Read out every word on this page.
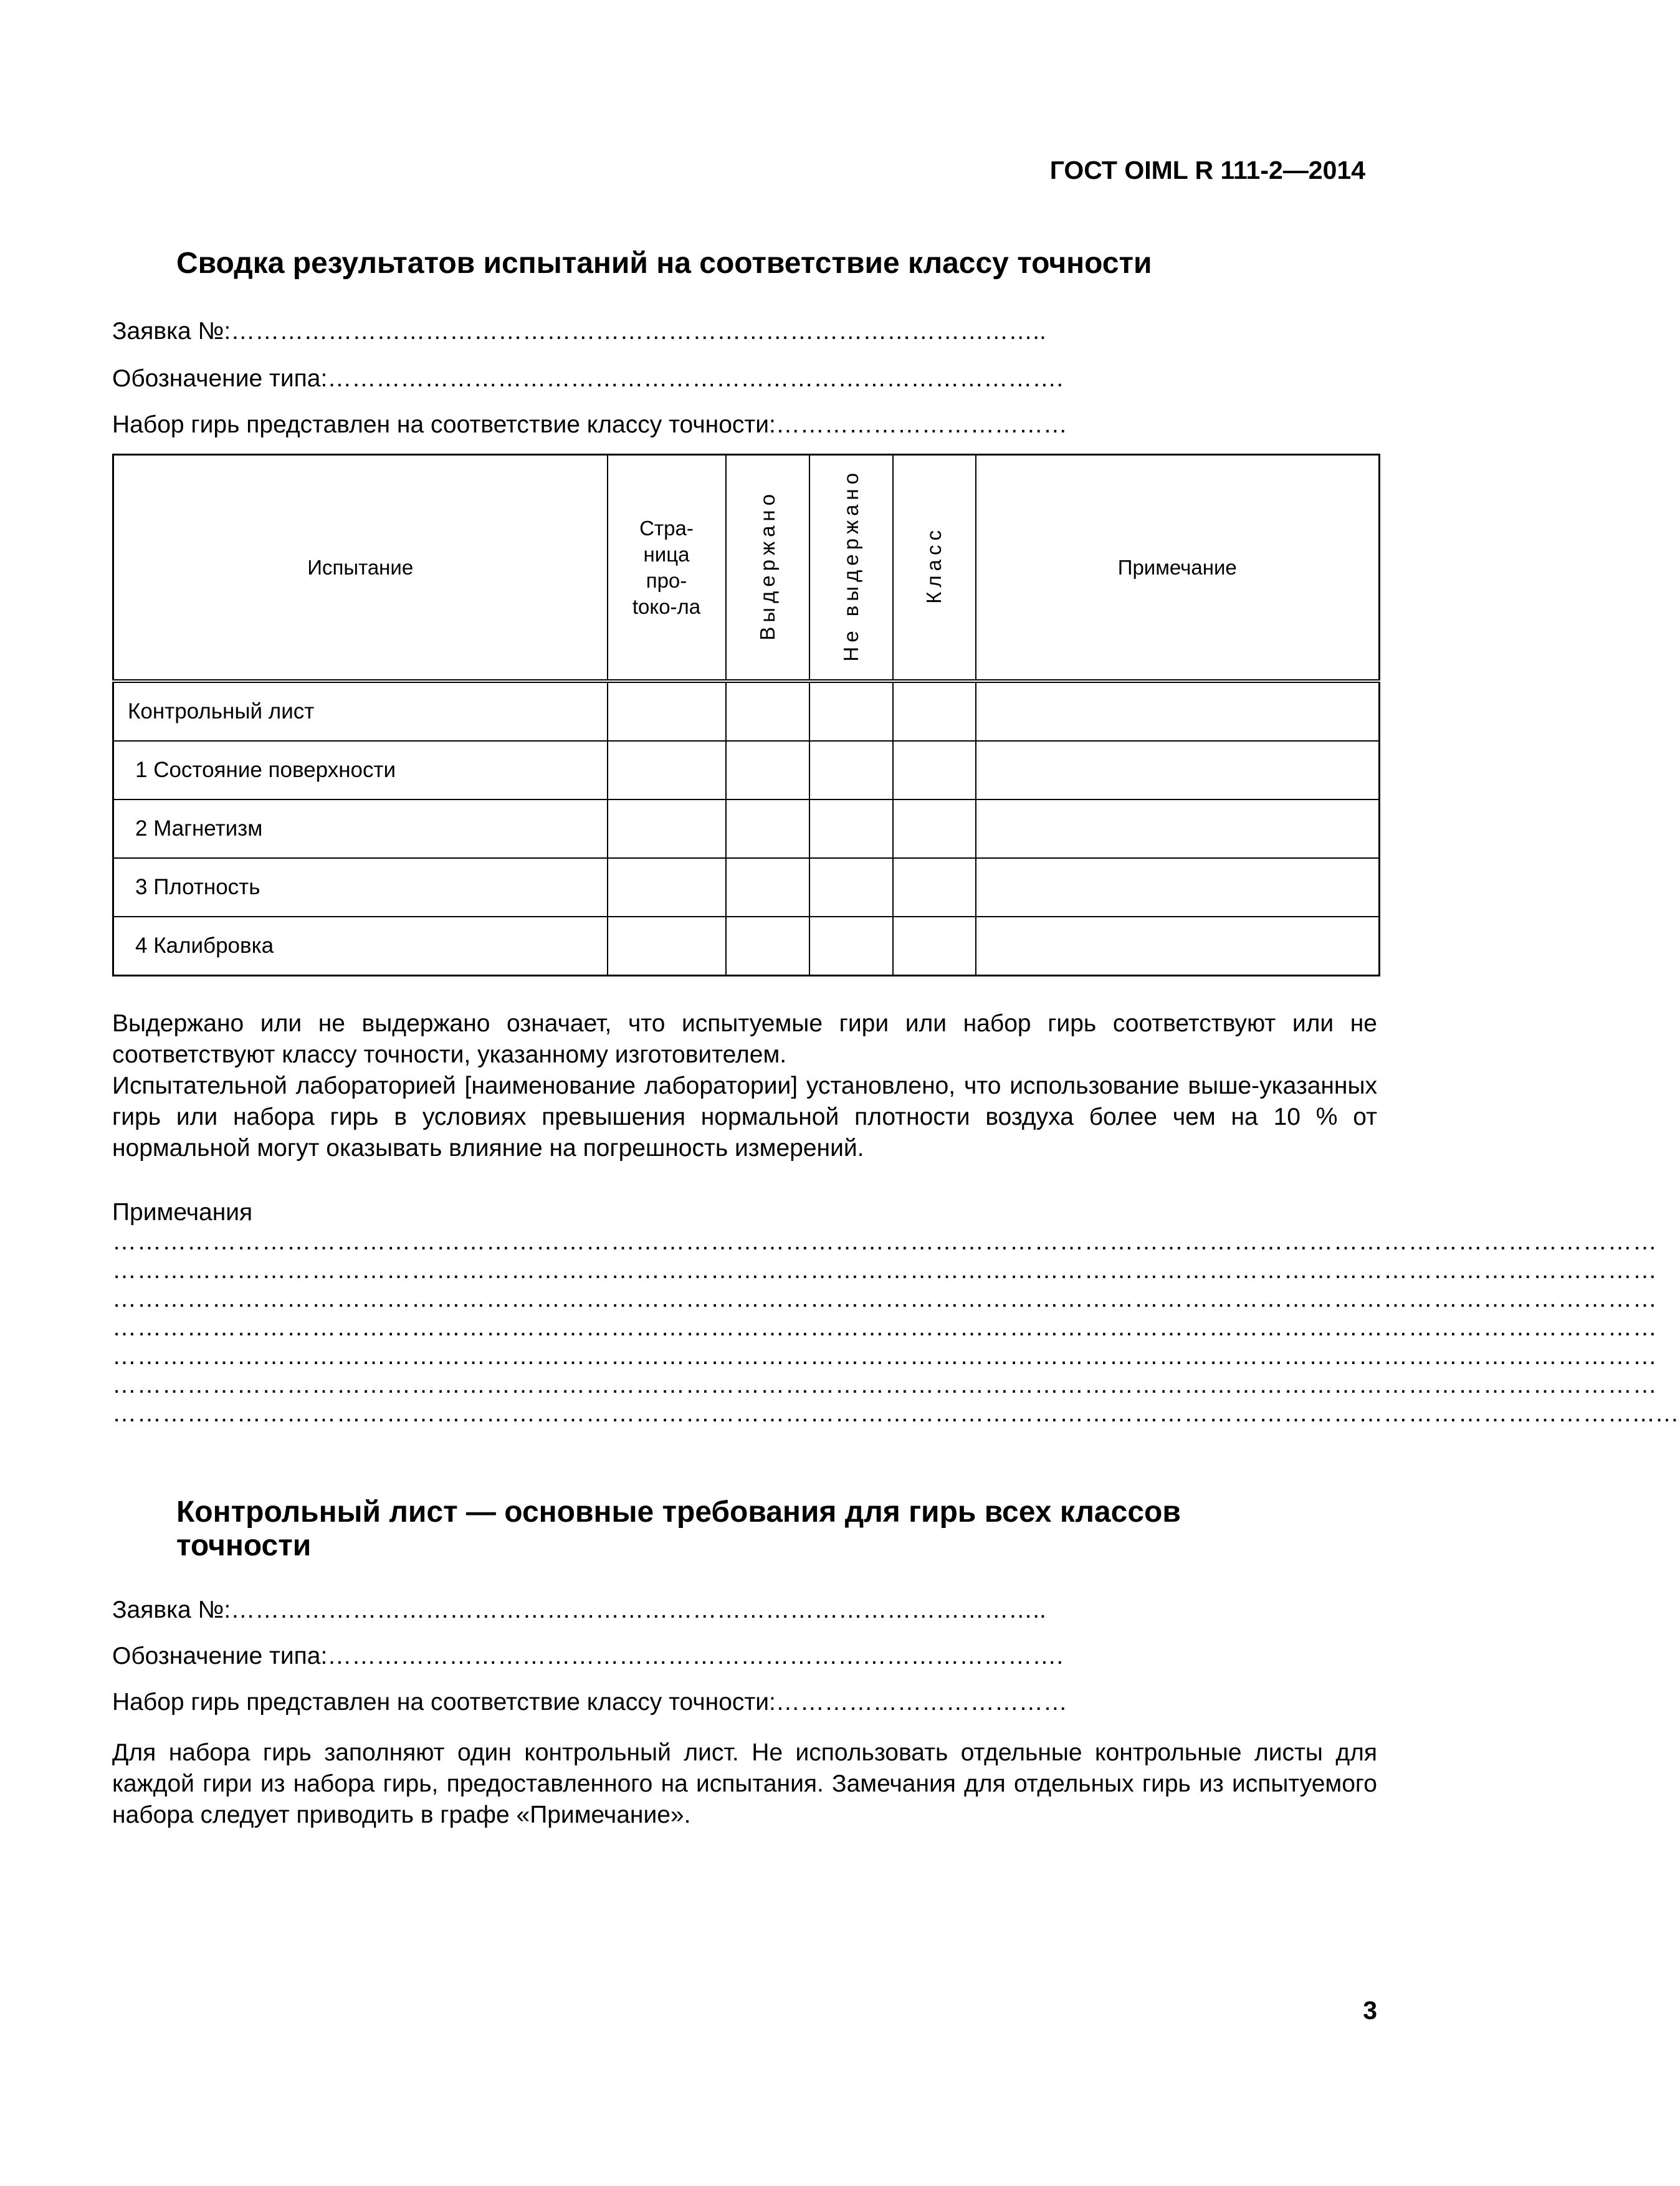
ГОСТ OIML R 111-2—2014
Сводка результатов испытаний на соответствие классу точности
Заявка №:………………………………………………………………………………………..
Обозначение типа:……………………………………………………………………………….
Набор гирь представлен на соответствие классу точности:………………………………
Испытание	Стра-
ница
про-
toко-ла	Выдержано	Не выдержано	Класс	Примечание
Контрольный лист					
1 Состояние поверхности					
2 Магнетизм					
3 Плотность					
4 Калибровка					

Выдержано или не выдержано означает, что испытуемые гири или набор гирь соответствуют или не соответствуют классу точности, указанному изготовителем.

Испытательной лабораторией [наименование лаборатории] установлено, что использование выше-указанных гирь или набора гирь в условиях превышения нормальной плотности воздуха более чем на 10 % от нормальной могут оказывать влияние на погрешность измерений.

Примечания
……………………………………………………………………………………………………………………………………………………………………
……………………………………………………………………………………………………………………………………………………………………
……………………………………………………………………………………………………………………………………………………………………
……………………………………………………………………………………………………………………………………………………………………
……………………………………………………………………………………………………………………………………………………………………
……………………………………………………………………………………………………………………………………………………………………
…………………………………………………………………………………………………………………………………………………………………...…
Контрольный лист — основные требования для гирь всех классов
точности
Заявка №:………………………………………………………………………………………..
Обозначение типа:……………………………………………………………………………….
Набор гирь представлен на соответствие классу точности:………………………………

Для набора гирь заполняют один контрольный лист. Не использовать отдельные контрольные листы для каждой гири из набора гирь, предоставленного на испытания. Замечания для отдельных гирь из испытуемого набора следует приводить в графе «Примечание».

3
